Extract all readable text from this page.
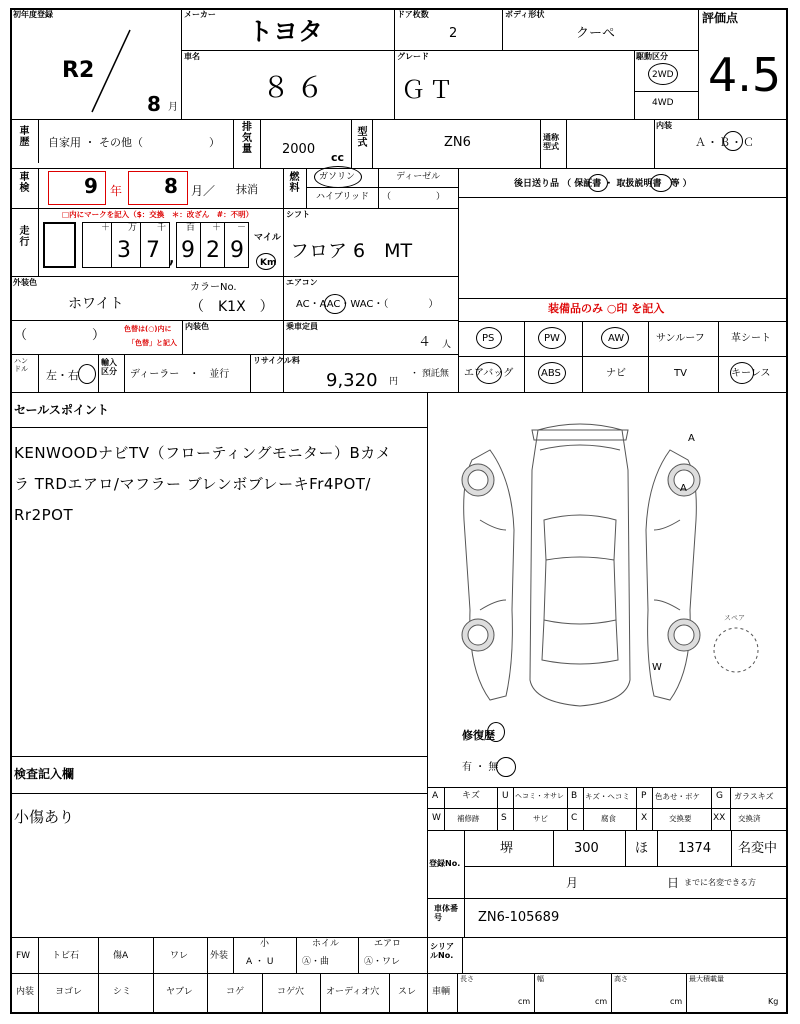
初年度登録
R2
8 月
メーカー
トヨタ
ドア枚数
2
ボディ形状
クーペ
評価点
4.5
車名
８６
グレード
ＧＴ
駆動区分
2WD
4WD
車歴 自家用 ・ その他（　　　　　　）
排気量 2000
cc
型式	ZN6	通称型式
内装
Ａ・Ｂ・Ｃ
車検	9 年 8 月／ 抹消
燃料
ガソリン	ディーゼル
ハイブリッド （　　　　　）
後日送り品 （ 保証書 ・ 取扱説明書　等 ）
走行
□内にマークを記入（$：交換　＊：改ざん　#：不明）
＋ 万 千 百 ＋ －
3 7 , 9 2 9 マイル
Km
シフト
フロア 6　MT
外装色
ホワイト
カラーNo.
（　K1X　）
エアコン
AC・AAC・WAC・（　　　　）	装備品のみ ○印 を記入
（　　　　　）	色替は(○)内に
「色替」と記入
内装色	乗車定員
４ 人
ハンドル 左・右
輸入区分	ディーラー　・　並行
リサイクル料
9,320 円
・ 預託無
PS	PW	AW	サンルーフ	革シート
エアバッグ	ABS	ナビ	TV	キーレス
セールスポイント
KENWOODナビTV（フローティングモニター）Bカメ
ラ TRDエアロ/マフラー ブレンボブレーキFr4POT/
Rr2POT
A
A
W
スペア
修復歴
有 ・ 無
検査記入欄
小傷あり
A	キズ U ヘコミ・オサレ B キズ・ヘコミ P 色あせ・ボケ G ガラスキズ
W 補修跡 S	サビ	C	腐食	X	交換要 XX 交換済
登録No.
堺	300	ほ 1374 名変中
月	日 までに名変できる方
車体番号	ZN6-105689
FW トビ石	傷A	ワレ 外装
小
A ・ U
ホイル
Ⓐ・曲
エアロ
Ⓐ・ワレ
シリアルNo.
内装 ヨゴレ	シミ	ヤブレ	コゲ	コゲ穴 オーディオ穴 スレ 車輌
長さ
cm
幅
cm
高さ
cm
最大積載量
Kg
